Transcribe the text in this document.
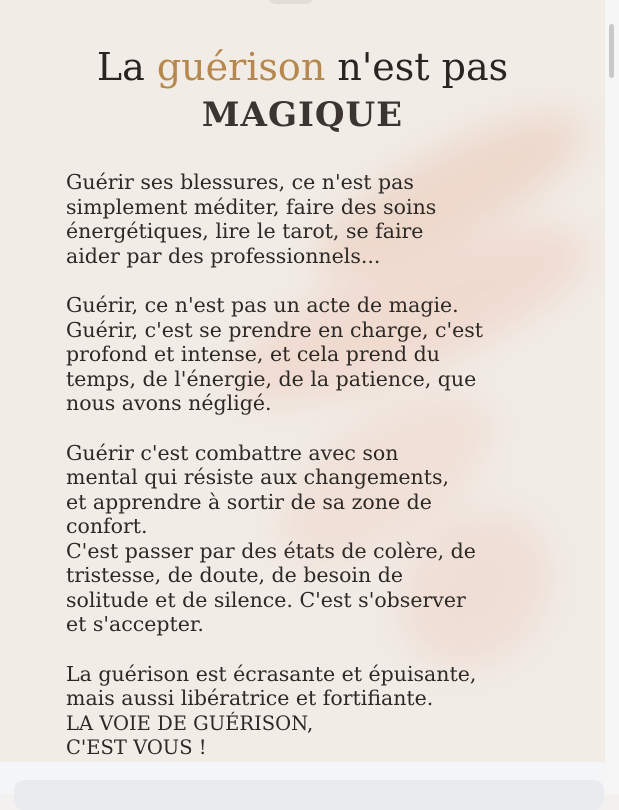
La guérison n'est pas
MAGIQUE

Guérir ses blessures, ce n'est pas
simplement méditer, faire des soins
énergétiques, lire le tarot, se faire
aider par des professionnels...

Guérir, ce n'est pas un acte de magie.
Guérir, c'est se prendre en charge, c'est
profond et intense, et cela prend du
temps, de l'énergie, de la patience, que
nous avons négligé.

Guérir c'est combattre avec son
mental qui résiste aux changements,
et apprendre à sortir de sa zone de
confort.
C'est passer par des états de colère, de
tristesse, de doute, de besoin de
solitude et de silence. C'est s'observer
et s'accepter.

La guérison est écrasante et épuisante,
mais aussi libératrice et fortifiante.

LA VOIE DE GUÉRISON,
C'EST VOUS !
